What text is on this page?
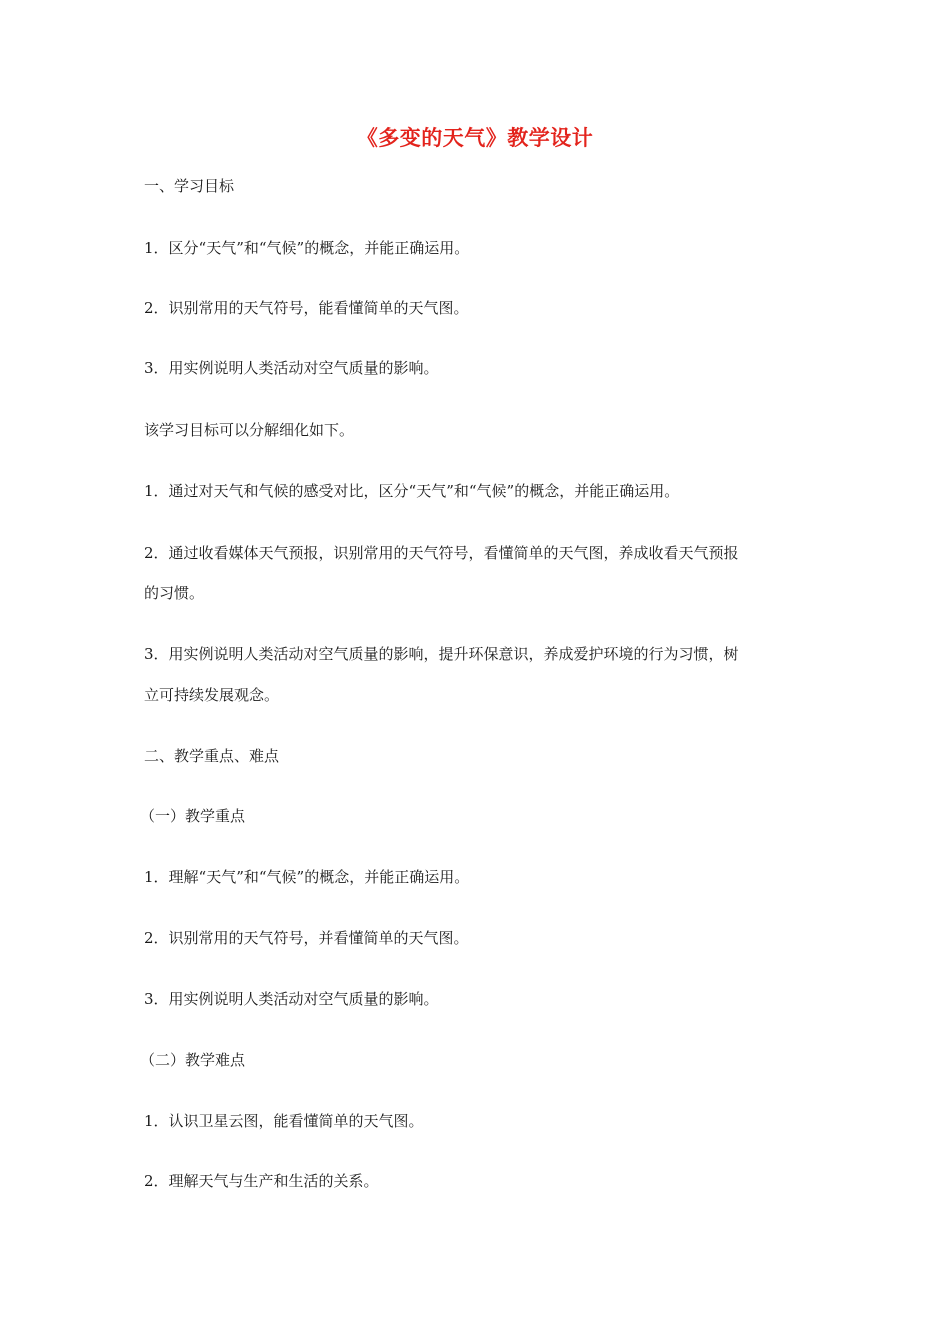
《多变的天气》教学设计
一、学习目标
1．区分“天气”和“气候”的概念，并能正确运用。
2．识别常用的天气符号，能看懂简单的天气图。
3．用实例说明人类活动对空气质量的影响。
该学习目标可以分解细化如下。
1．通过对天气和气候的感受对比，区分“天气”和“气候”的概念，并能正确运用。
2．通过收看媒体天气预报，识别常用的天气符号，看懂简单的天气图，养成收看天气预报
的习惯。
3．用实例说明人类活动对空气质量的影响，提升环保意识，养成爱护环境的行为习惯，树
立可持续发展观念。
二、教学重点、难点
（一）教学重点
1．理解“天气”和“气候”的概念，并能正确运用。
2．识别常用的天气符号，并看懂简单的天气图。
3．用实例说明人类活动对空气质量的影响。
（二）教学难点
1．认识卫星云图，能看懂简单的天气图。
2．理解天气与生产和生活的关系。
